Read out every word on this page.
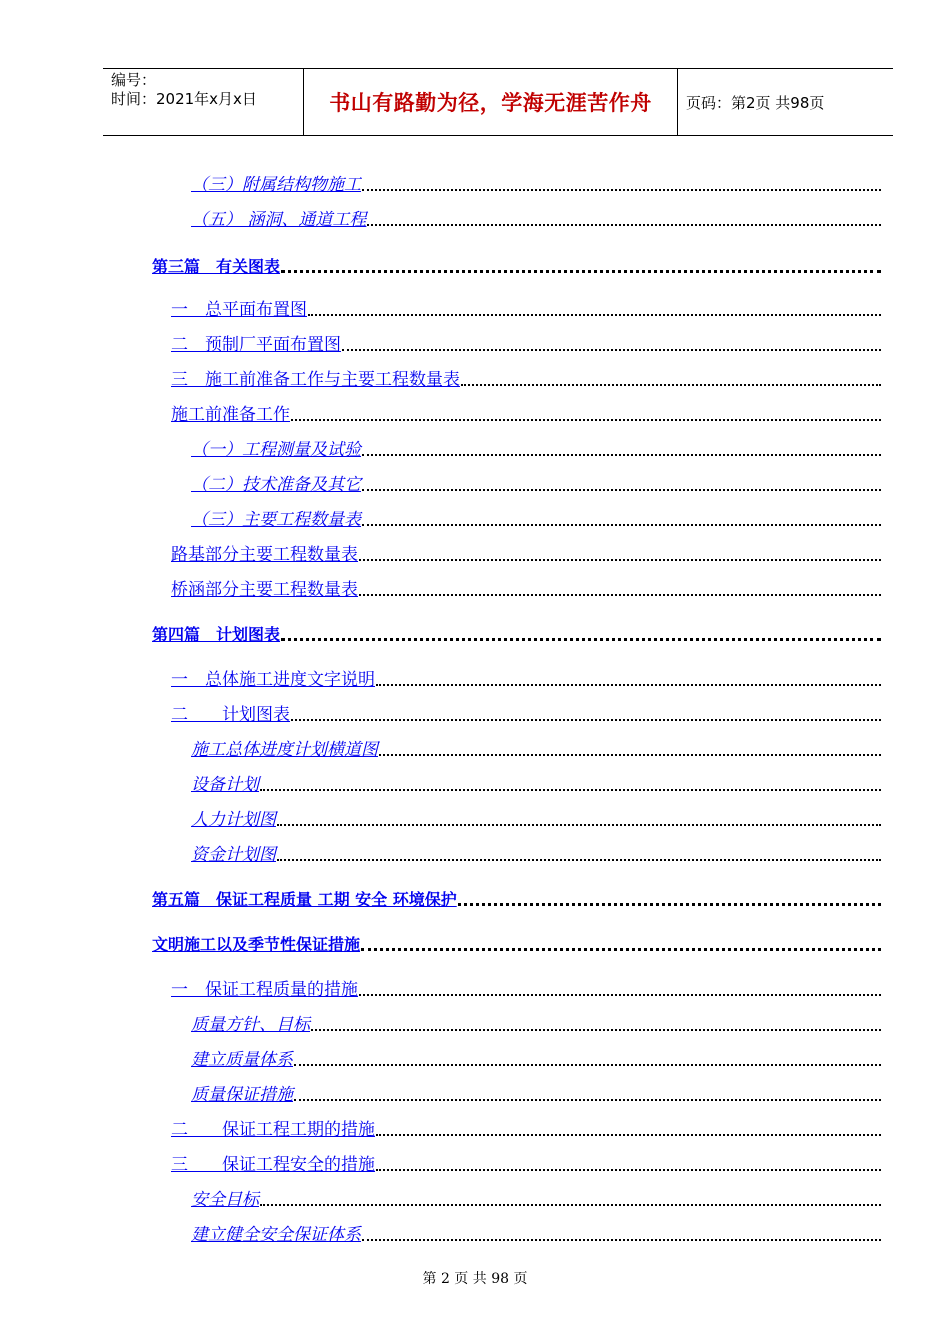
编号：
时间：2021年x月x日	书山有路勤为径，学海无涯苦作舟 页码：第2页 共98页
（三）附属结构物施工
（五） 涵洞、通道工程
第三篇　有关图表
一　总平面布置图
二　预制厂平面布置图
三　施工前准备工作与主要工程数量表
施工前准备工作
（一）工程测量及试验
（二）技术准备及其它
（三）主要工程数量表
路基部分主要工程数量表
桥涵部分主要工程数量表
第四篇　计划图表
一　总体施工进度文字说明
二　　计划图表
施工总体进度计划横道图
设备计划
人力计划图
资金计划图
第五篇　保证工程质量 工期 安全 环境保护
文明施工以及季节性保证措施
一　保证工程质量的措施
质量方针、目标
建立质量体系
质量保证措施
二　　保证工程工期的措施
三　　保证工程安全的措施
安全目标
建立健全安全保证体系
第 2 页 共 98 页
